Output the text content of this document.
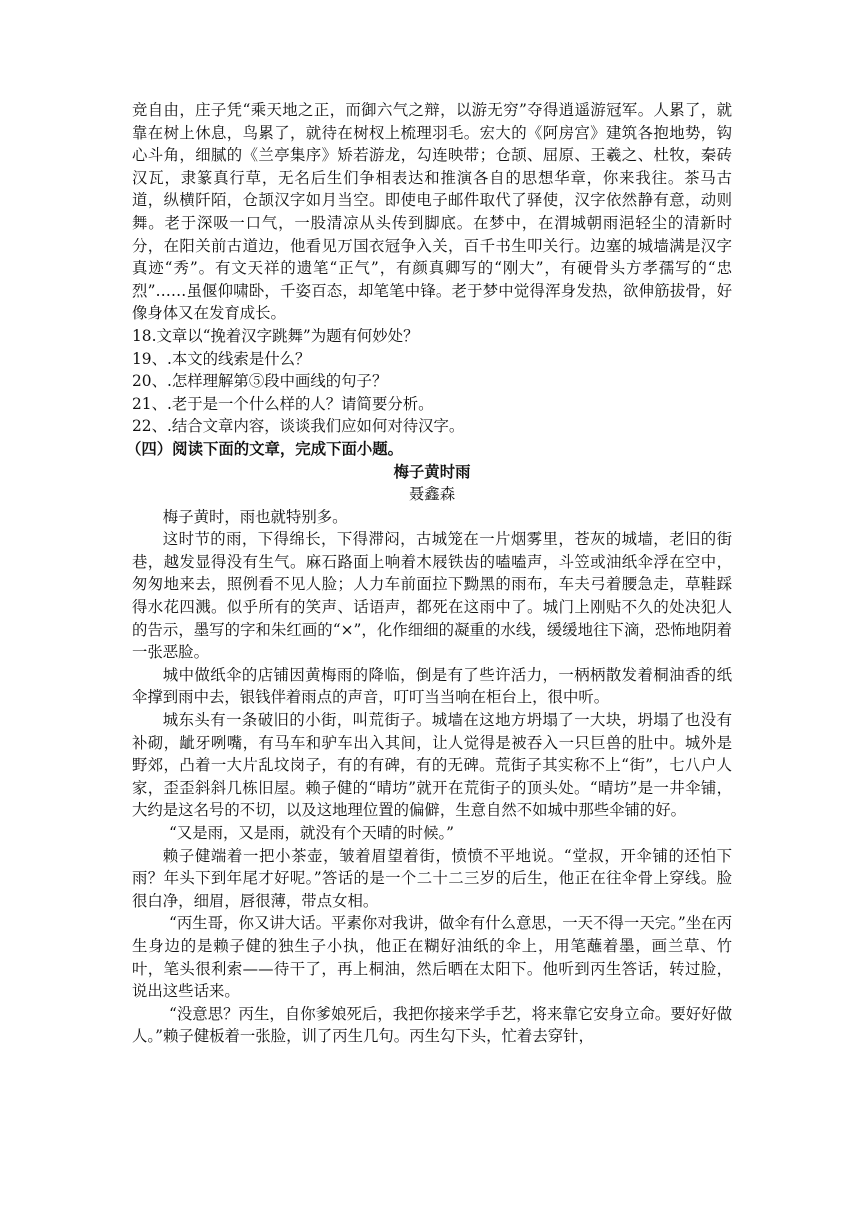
竞自由，庄子凭“乘天地之正，而御六气之辩，以游无穷”夺得逍遥游冠军。人累了，就靠在树上休息，鸟累了，就待在树杈上梳理羽毛。宏大的《阿房宫》建筑各抱地势，钩心斗角，细腻的《兰亭集序》矫若游龙，勾连映带；仓颉、屈原、王羲之、杜牧，秦砖汉瓦，隶篆真行草，无名后生们争相表达和推演各自的思想华章，你来我往。茶马古道，纵横阡陌，仓颉汉字如月当空。即使电子邮件取代了驿使，汉字依然静有意，动则舞。老于深吸一口气，一股清凉从头传到脚底。在梦中，在渭城朝雨浥轻尘的清新时分，在阳关前古道边，他看见万国衣冠争入关，百千书生叩关行。边塞的城墙满是汉字真迹“秀”。有文天祥的遗笔“正气”，有颜真卿写的“刚大”，有硬骨头方孝孺写的“忠烈”……虽偃仰啸卧，千姿百态，却笔笔中锋。老于梦中觉得浑身发热，欲伸筋拔骨，好像身体又在发育成长。

18.文章以“挽着汉字跳舞”为题有何妙处？

19、.本文的线索是什么？

20、.怎样理解第⑤段中画线的句子？

21、.老于是一个什么样的人？请简要分析。

22、.结合文章内容，谈谈我们应如何对待汉字。

（四）阅读下面的文章，完成下面小题。

梅子黄时雨

聂鑫森

梅子黄时，雨也就特别多。

这时节的雨，下得绵长，下得滞闷，古城笼在一片烟雾里，苍灰的城墙，老旧的街巷，越发显得没有生气。麻石路面上响着木屐铁齿的嗑嗑声，斗笠或油纸伞浮在空中，匆匆地来去，照例看不见人脸；人力车前面拉下黝黑的雨布，车夫弓着腰急走，草鞋踩得水花四溅。似乎所有的笑声、话语声，都死在这雨中了。城门上刚贴不久的处决犯人的告示，墨写的字和朱红画的“×”，化作细细的凝重的水线，缓缓地往下滴，恐怖地阴着一张恶脸。

城中做纸伞的店铺因黄梅雨的降临，倒是有了些许活力，一柄柄散发着桐油香的纸伞撑到雨中去，银钱伴着雨点的声音，叮叮当当响在柜台上，很中听。

城东头有一条破旧的小街，叫荒街子。城墙在这地方坍塌了一大块，坍塌了也没有补砌，龇牙咧嘴，有马车和驴车出入其间，让人觉得是被吞入一只巨兽的肚中。城外是野郊，凸着一大片乱坟岗子，有的有碑，有的无碑。荒街子其实称不上“街”，七八户人家，歪歪斜斜几栋旧屋。赖子健的“晴坊”就开在荒街子的顶头处。“晴坊”是一井伞铺，大约是这名号的不切，以及这地理位置的偏僻，生意自然不如城中那些伞铺的好。

“又是雨，又是雨，就没有个天晴的时候。”

赖子健端着一把小茶壶，皱着眉望着街，愤愤不平地说。“堂叔，开伞铺的还怕下雨？年头下到年尾才好呢。”答话的是一个二十二三岁的后生，他正在往伞骨上穿线。脸很白净，细眉，唇很薄，带点女相。

“丙生哥，你又讲大话。平素你对我讲，做伞有什么意思，一天不得一天完。”坐在丙生身边的是赖子健的独生子小执，他正在糊好油纸的伞上，用笔蘸着墨，画兰草、竹叶，笔头很利索——待干了，再上桐油，然后晒在太阳下。他听到丙生答话，转过脸，说出这些话来。

“没意思？丙生，自你爹娘死后，我把你接来学手艺，将来靠它安身立命。要好好做人。”赖子健板着一张脸，训了丙生几句。丙生勾下头，忙着去穿针，
